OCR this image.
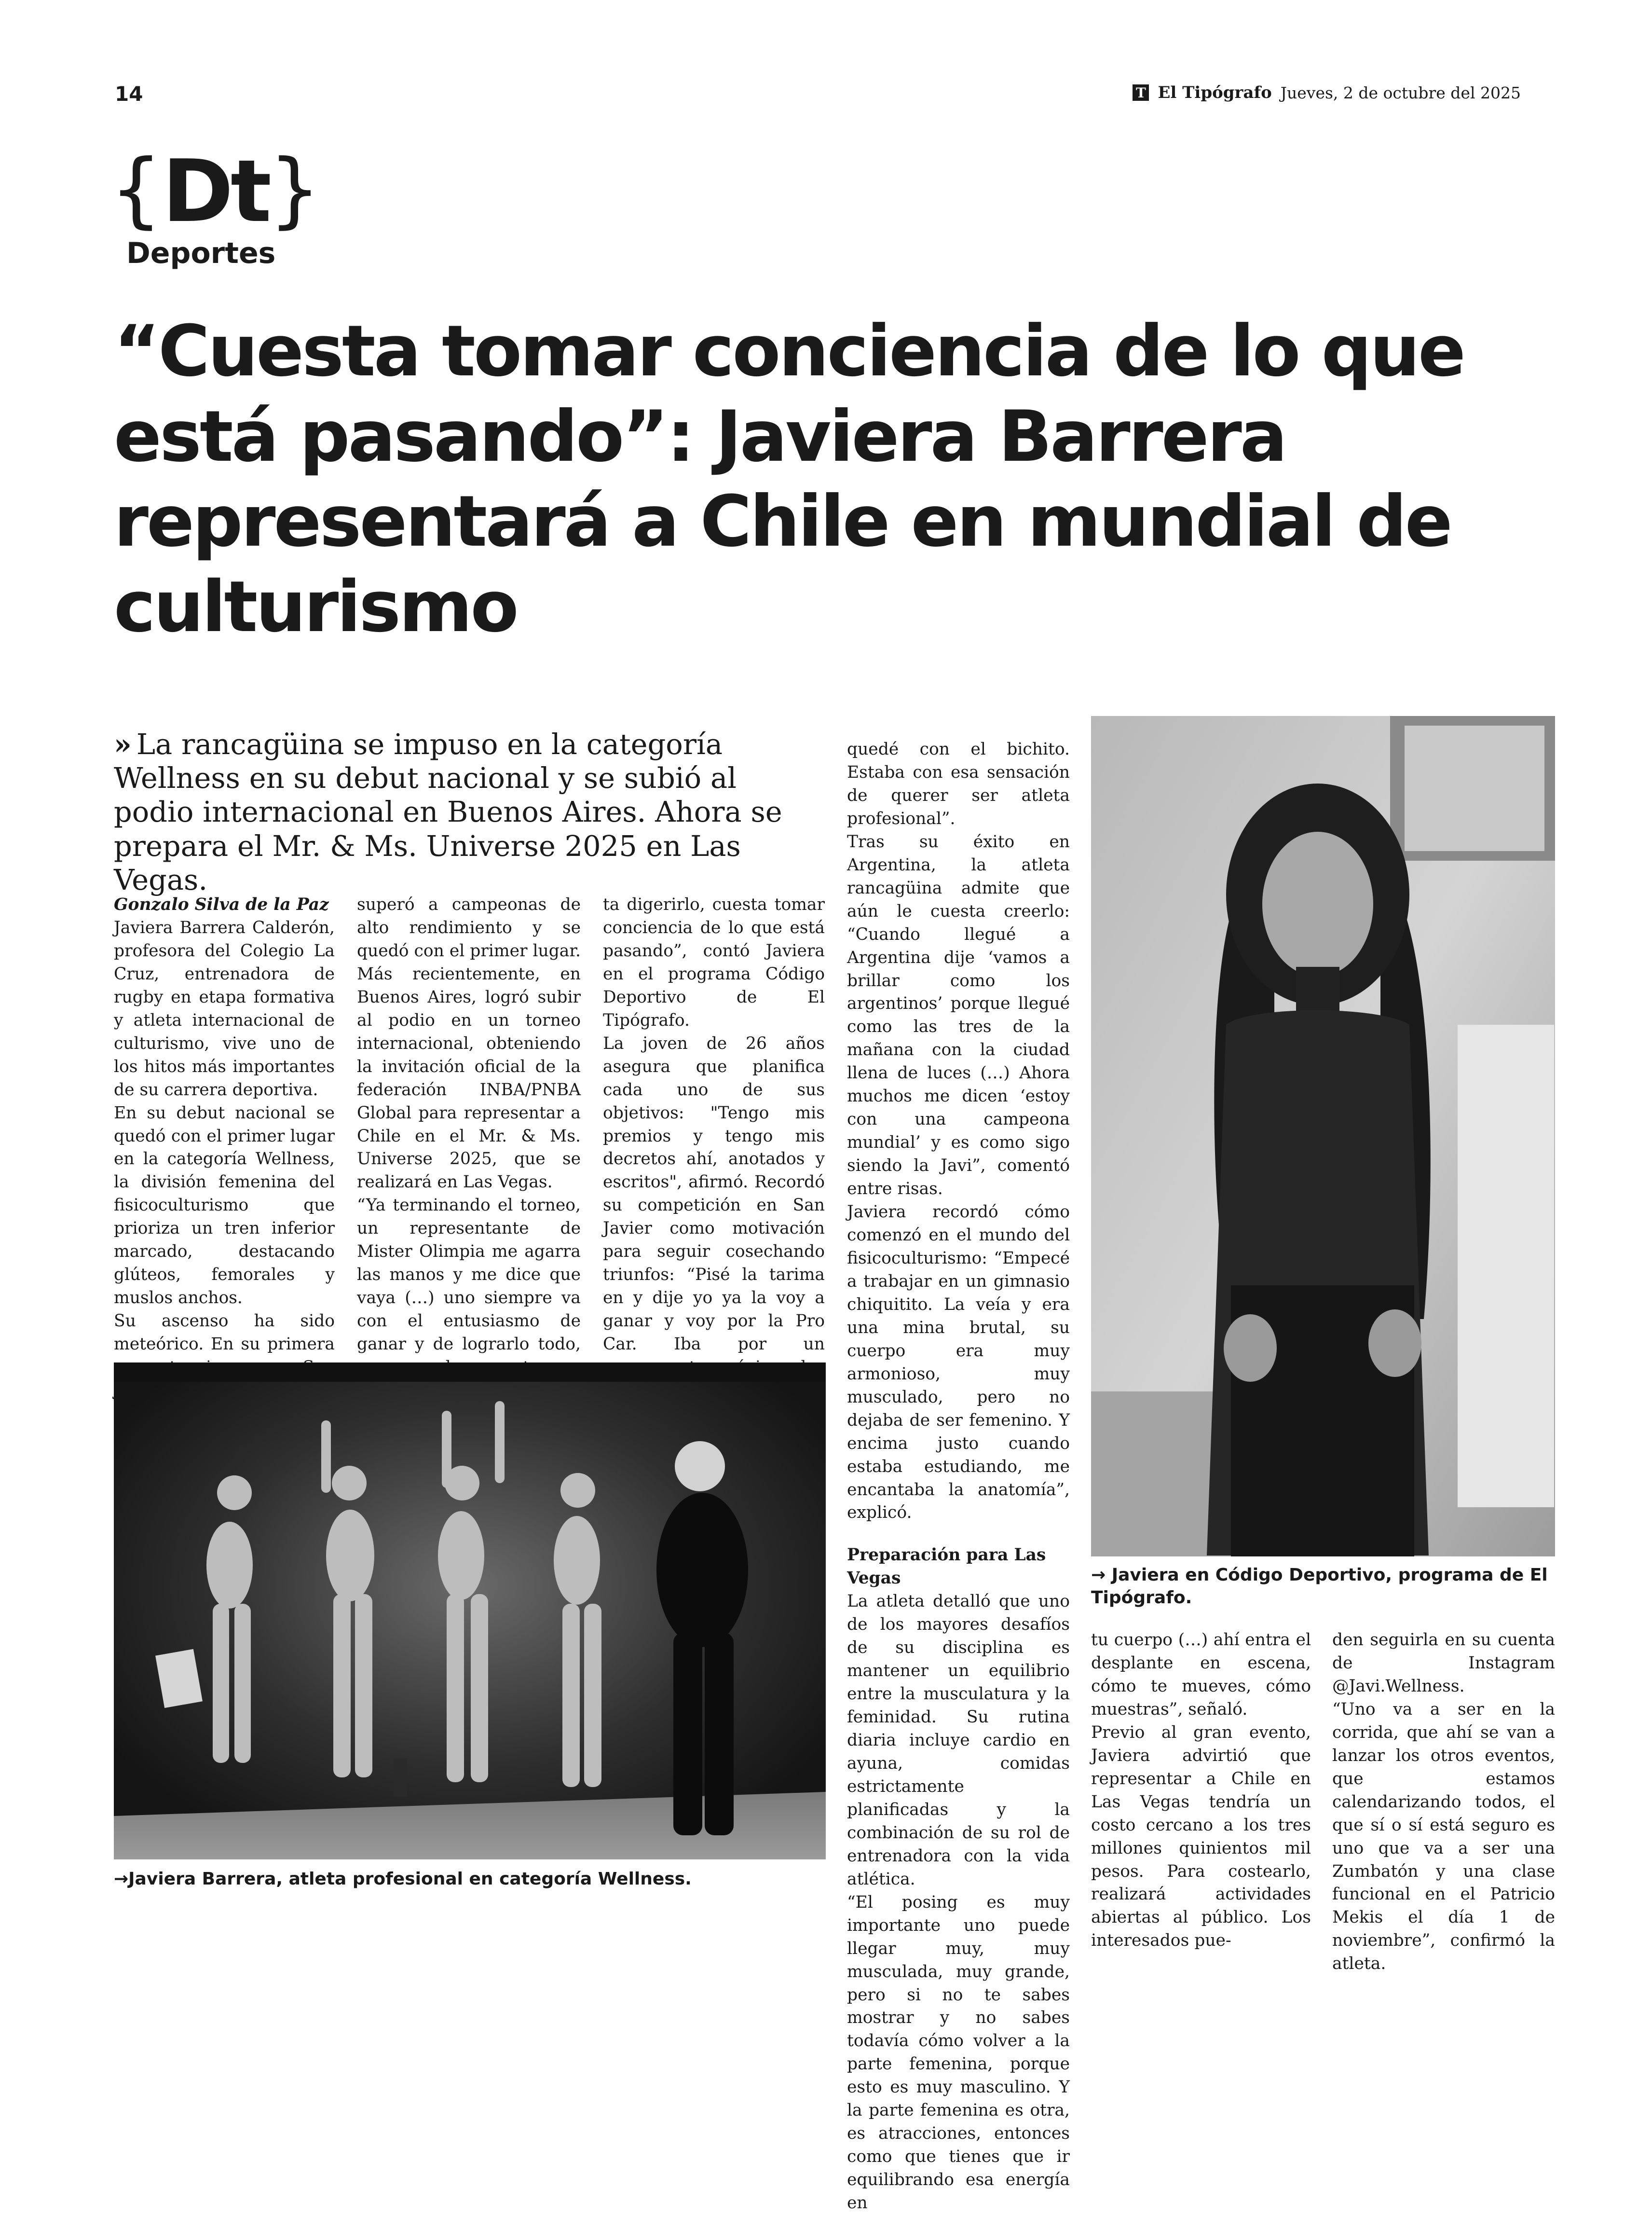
14	T El Tipógrafo Jueves, 2 de octubre del 2025
{Dt}
Deportes
“Cuesta tomar conciencia de lo que está pasando”: Javiera Barrera representará a Chile en mundial de culturismo
» La rancagüina se impuso en la categoría Wellness en su debut nacional y se subió al podio internacional en Buenos Aires. Ahora se prepara el Mr. & Ms. Universe 2025 en Las Vegas.

Gonzalo Silva de la Paz

Javiera Barrera Calderón, profesora del Colegio La Cruz, entrenadora de rugby en etapa formativa y atleta internacional de culturismo, vive uno de los hitos más importantes de su carrera deportiva.

En su debut nacional se quedó con el primer lugar en la categoría Wellness, la división femenina del fisicoculturismo que prioriza un tren inferior marcado, destacando glúteos, femorales y muslos anchos.

Su ascenso ha sido meteórico. En su primera

superó a campeonas de alto rendimiento y se quedó con el primer lugar. Más recientemente, en Buenos Aires, logró subir al podio en un torneo internacional, obteniendo la invitación oficial de la federación INBA/PNBA Global para representar a Chile en el Mr. & Ms. Universe 2025, que se realizará en Las Vegas.

“Ya terminando el torneo, un representante de Mister Olimpia me agarra las manos y me dice que vaya (…) uno siempre va con el entusiasmo de ganar y de lograrlo todo,

ta digerirlo, cuesta tomar conciencia de lo que está pasando”, contó Javiera en el programa Código Deportivo de El Tipógrafo.

La joven de 26 años asegura que planifica cada uno de sus objetivos: "Tengo mis premios y tengo mis decretos ahí, anotados y escritos", afirmó. Recordó su competición en San Javier como motivación para seguir cosechando triunfos: “Pisé la tarima en y dije yo ya la voy a ganar y voy por la Pro Car. Iba por un

quedé con el bichito. Estaba con esa sensación de querer ser atleta profesional”.

Tras su éxito en Argentina, la atleta rancagüina admite que aún le cuesta creerlo: “Cuando llegué a Argentina dije ‘vamos a brillar como los argentinos’ porque llegué como las tres de la mañana con la ciudad llena de luces (…) Ahora muchos me dicen ‘estoy con una campeona mundial’ y es como sigo siendo la Javi”, comentó entre risas.

Javiera recordó cómo comenzó en el mundo del fisicoculturismo: “Empecé a trabajar en un gimnasio chiquitito. La veía y era una mina brutal, su cuerpo era muy armonioso, muy musculado, pero no dejaba de ser femenino. Y encima justo cuando estaba estudiando, me encantaba la anatomía”, explicó.

Preparación para Las Vegas

La atleta detalló que uno de los mayores desafíos de su disciplina es mantener un equilibrio entre la musculatura y la feminidad. Su rutina diaria incluye cardio en ayuna, comidas estrictamente planificadas y la combinación de su rol de entrenadora con la vida atlética.

“El posing es muy importante uno puede llegar muy, muy musculada, muy grande, pero si no te sabes mostrar y no sabes todavía cómo volver a la parte femenina, porque esto es muy masculino. Y la parte femenina es otra, es atracciones, entonces como que tienes que ir equilibrando esa energía en

tu cuerpo (…) ahí entra el desplante en escena, cómo te mueves, cómo muestras”, señaló.

Previo al gran evento, Javiera advirtió que representar a Chile en Las Vegas tendría un costo cercano a los tres millones quinientos mil pesos. Para costearlo, realizará actividades abiertas al público. Los interesados pue-

den seguirla en su cuenta de Instagram @Javi.Wellness.

“Uno va a ser en la corrida, que ahí se van a lanzar los otros eventos, que estamos calendarizando todos, el que sí o sí está seguro es uno que va a ser una Zumbatón y una clase funcional en el Patricio Mekis el día 1 de noviembre”, confirmó la atleta.

→Javiera Barrera, atleta profesional en categoría Wellness.
→ Javiera en Código Deportivo, programa de El Tipógrafo.
